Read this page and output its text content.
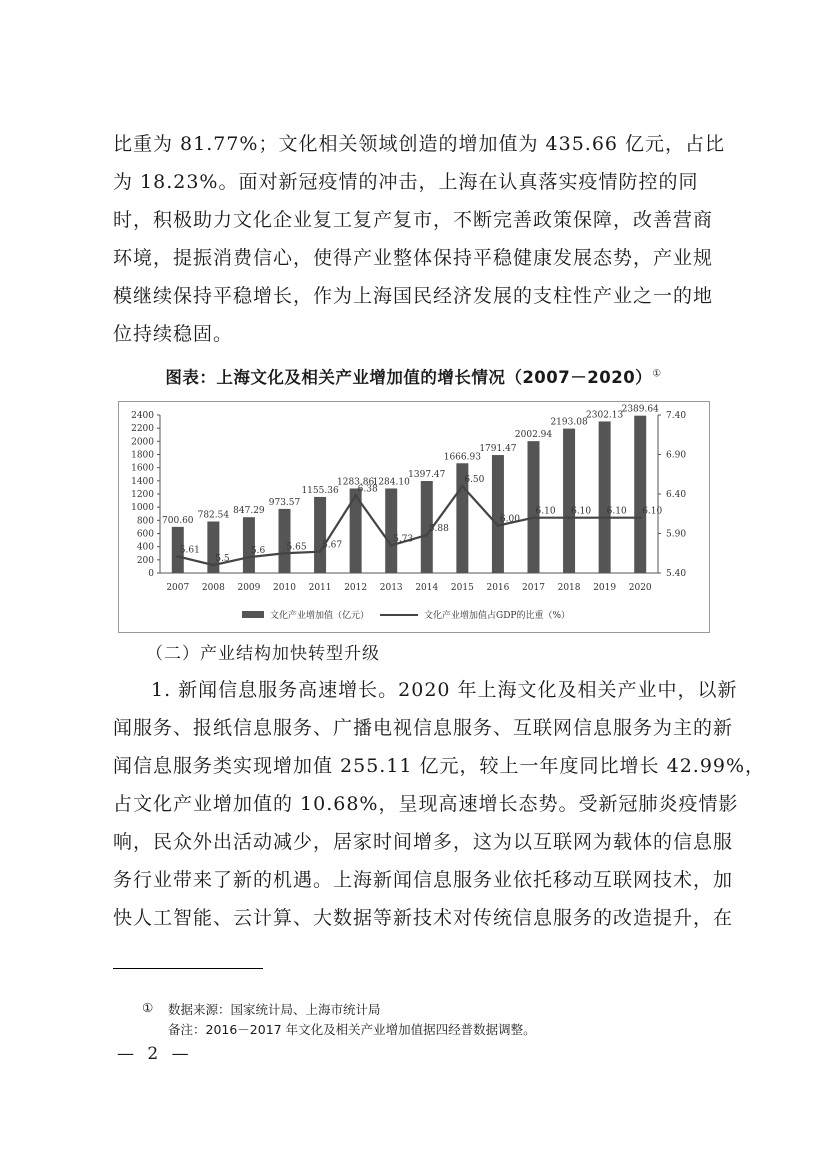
比重为 81.77%；文化相关领域创造的增加值为 435.66 亿元，占比
为 18.23%。面对新冠疫情的冲击，上海在认真落实疫情防控的同
时，积极助力文化企业复工复产复市，不断完善政策保障，改善营商
环境，提振消费信心，使得产业整体保持平稳健康发展态势，产业规
模继续保持平稳增长，作为上海国民经济发展的支柱性产业之一的地
位持续稳固。
图表：上海文化及相关产业增加值的增长情况（2007－2020）①
0
200
400
600
800
1000
1200
1400
1600
1800
2000
2200
2400
5.40
5.90
6.40
6.90
7.40
2007
700.60
2008
782.54
2009
847.29
2010
973.57
2011
1155.36
2012
1283.86
2013
1284.10
2014
1397.47
2015
1666.93
2016
1791.47
2017
2002.94
2018
2193.08
2019
2302.13
2020
2389.64
5.61
5.5
5.6 5.65 5.67
6.38
5.73
5.88
6.50
6.00
6.10 6.10 6.10 6.10
文化产业增加值（亿元）	文化产业增加值占GDP的比重（%）
（二）产业结构加快转型升级
1. 新闻信息服务高速增长。2020 年上海文化及相关产业中，以新
闻服务、报纸信息服务、广播电视信息服务、互联网信息服务为主的新
闻信息服务类实现增加值 255.11 亿元，较上一年度同比增长 42.99%，
占文化产业增加值的 10.68%，呈现高速增长态势。受新冠肺炎疫情影
响，民众外出活动减少，居家时间增多，这为以互联网为载体的信息服
务行业带来了新的机遇。上海新闻信息服务业依托移动互联网技术，加
快人工智能、云计算、大数据等新技术对传统信息服务的改造提升，在
① 数据来源：国家统计局、上海市统计局
备注：2016－2017 年文化及相关产业增加值据四经普数据调整。
— 2 —
